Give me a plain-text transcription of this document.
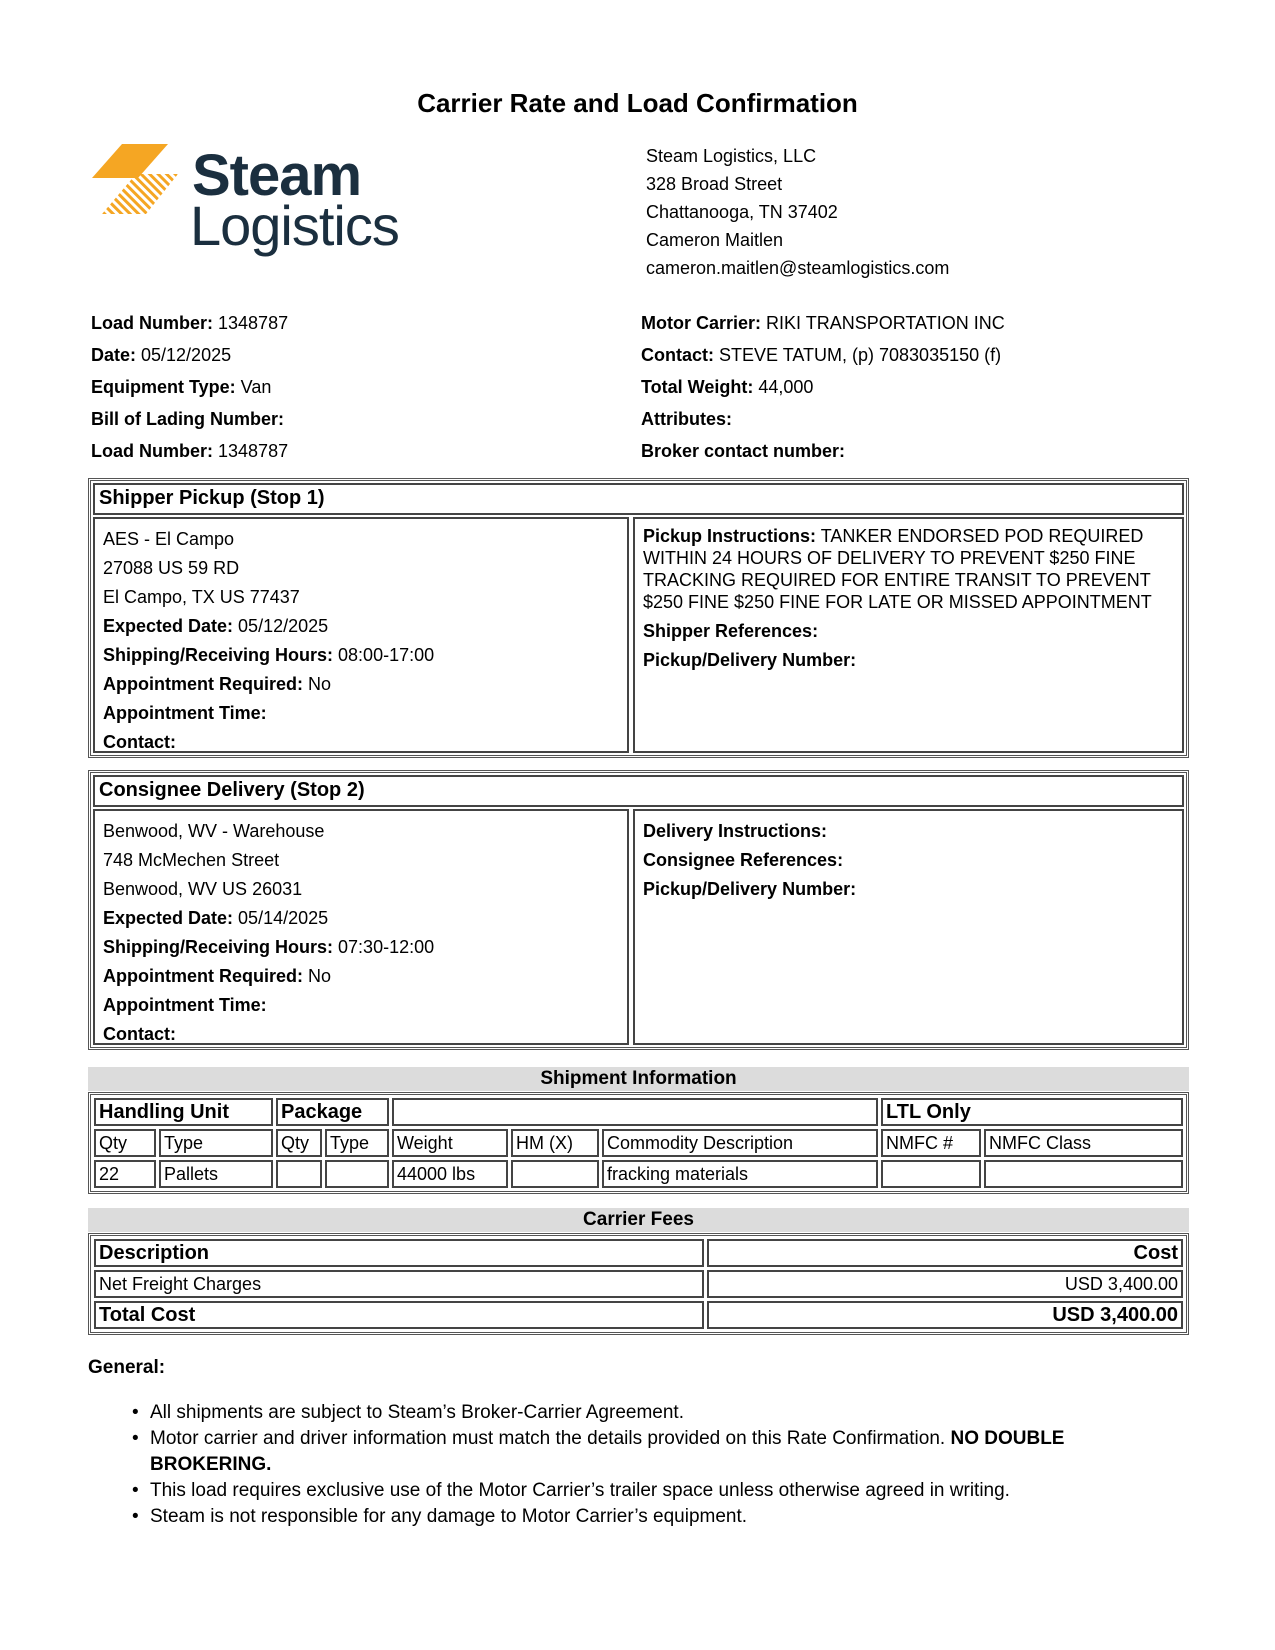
Carrier Rate and Load Confirmation
Steam
Logistics
Steam Logistics, LLC
328 Broad Street
Chattanooga, TN 37402
Cameron Maitlen
cameron.maitlen@steamlogistics.com
Load Number: 1348787
Date: 05/12/2025
Equipment Type: Van
Bill of Lading Number:
Load Number: 1348787
Motor Carrier: RIKI TRANSPORTATION INC
Contact: STEVE TATUM, (p) 7083035150 (f)
Total Weight: 44,000
Attributes:
Broker contact number:
Shipper Pickup (Stop 1)
AES - El Campo
27088 US 59 RD
El Campo, TX US 77437
Expected Date: 05/12/2025
Shipping/Receiving Hours: 08:00-17:00
Appointment Required: No
Appointment Time:
Contact:
Pickup Instructions: TANKER ENDORSED POD REQUIRED WITHIN 24 HOURS OF DELIVERY TO PREVENT $250 FINE TRACKING REQUIRED FOR ENTIRE TRANSIT TO PREVENT $250 FINE $250 FINE FOR LATE OR MISSED APPOINTMENT
Shipper References:
Pickup/Delivery Number:
Consignee Delivery (Stop 2)
Benwood, WV - Warehouse
748 McMechen Street
Benwood, WV US 26031
Expected Date: 05/14/2025
Shipping/Receiving Hours: 07:30-12:00
Appointment Required: No
Appointment Time:
Contact:
Delivery Instructions:
Consignee References:
Pickup/Delivery Number:
Shipment Information
Handling Unit		Package					LTL Only	
Qty	Type	Qty	Type	Weight	HM (X)	Commodity Description	NMFC #	NMFC Class
22	Pallets			44000 lbs		fracking materials		
Carrier Fees
Description	Cost
Net Freight Charges	USD 3,400.00
Total Cost	USD 3,400.00
General:
• All shipments are subject to Steam’s Broker-Carrier Agreement.
• Motor carrier and driver information must match the details provided on this Rate Confirmation. NO DOUBLE BROKERING.
• This load requires exclusive use of the Motor Carrier’s trailer space unless otherwise agreed in writing.
• Steam is not responsible for any damage to Motor Carrier’s equipment.
